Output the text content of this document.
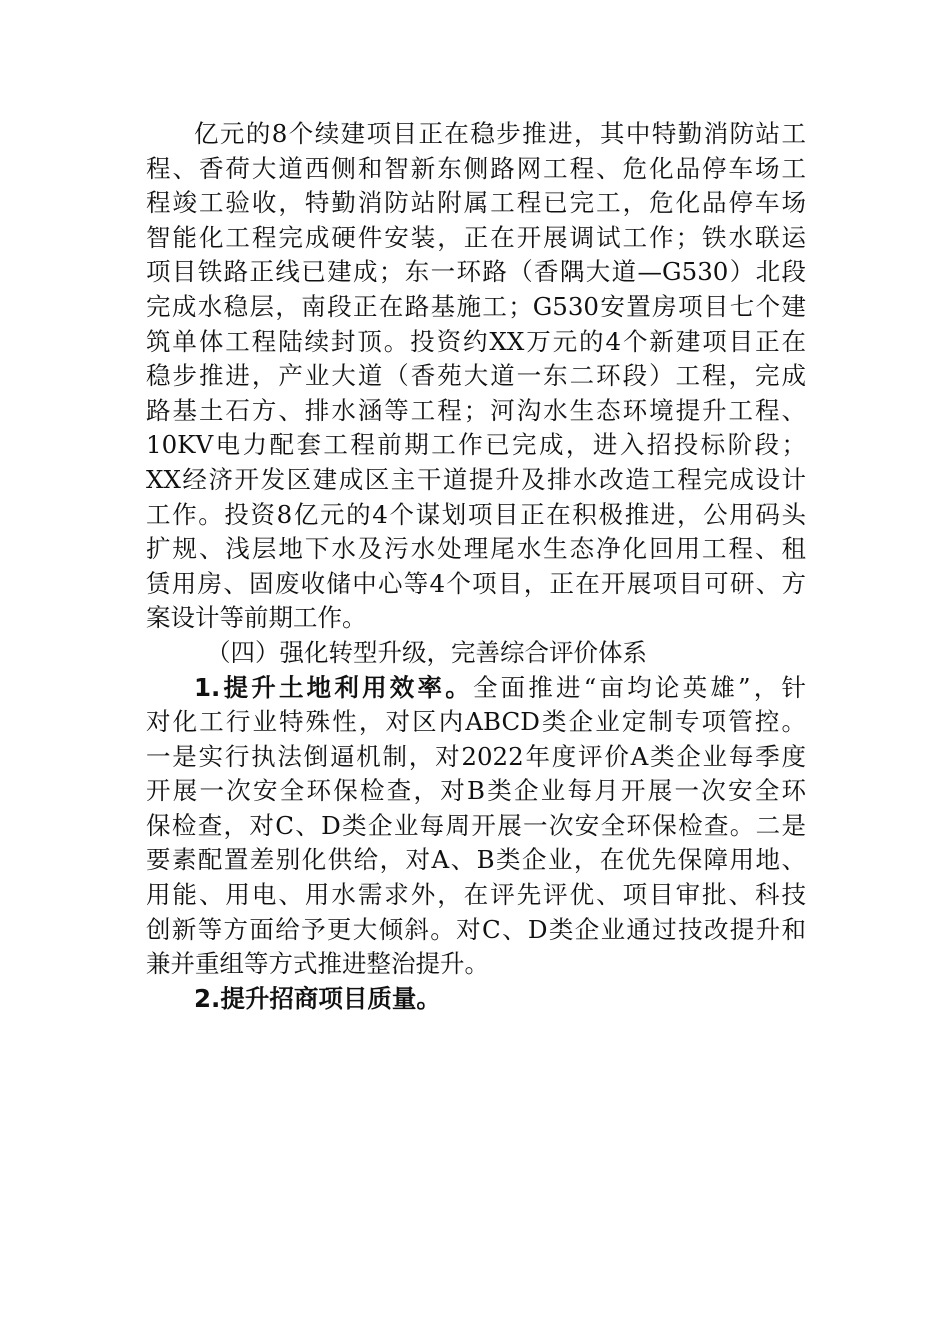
亿元的8个续建项目正在稳步推进，其中特勤消防站工
程、香荷大道西侧和智新东侧路网工程、危化品停车场工
程竣工验收，特勤消防站附属工程已完工，危化品停车场
智能化工程完成硬件安装，正在开展调试工作；铁水联运
项目铁路正线已建成；东一环路（香隅大道—G530）北段
完成水稳层，南段正在路基施工；G530安置房项目七个建
筑单体工程陆续封顶。投资约XX万元的4个新建项目正在
稳步推进，产业大道（香苑大道一东二环段）工程，完成
路基土石方、排水涵等工程；河沟水生态环境提升工程、
10KV电力配套工程前期工作已完成，进入招投标阶段；
XX经济开发区建成区主干道提升及排水改造工程完成设计
工作。投资8亿元的4个谋划项目正在积极推进，公用码头
扩规、浅层地下水及污水处理尾水生态净化回用工程、租
赁用房、固废收储中心等4个项目，正在开展项目可研、方
案设计等前期工作。
（四）强化转型升级，完善综合评价体系
1.提升土地利用效率。全面推进“亩均论英雄”，针
对化工行业特殊性，对区内ABCD类企业定制专项管控。
一是实行执法倒逼机制，对2022年度评价A类企业每季度
开展一次安全环保检查，对B类企业每月开展一次安全环
保检查，对C、D类企业每周开展一次安全环保检查。二是
要素配置差别化供给，对A、B类企业，在优先保障用地、
用能、用电、用水需求外，在评先评优、项目审批、科技
创新等方面给予更大倾斜。对C、D类企业通过技改提升和
兼并重组等方式推进整治提升。
2.提升招商项目质量。
